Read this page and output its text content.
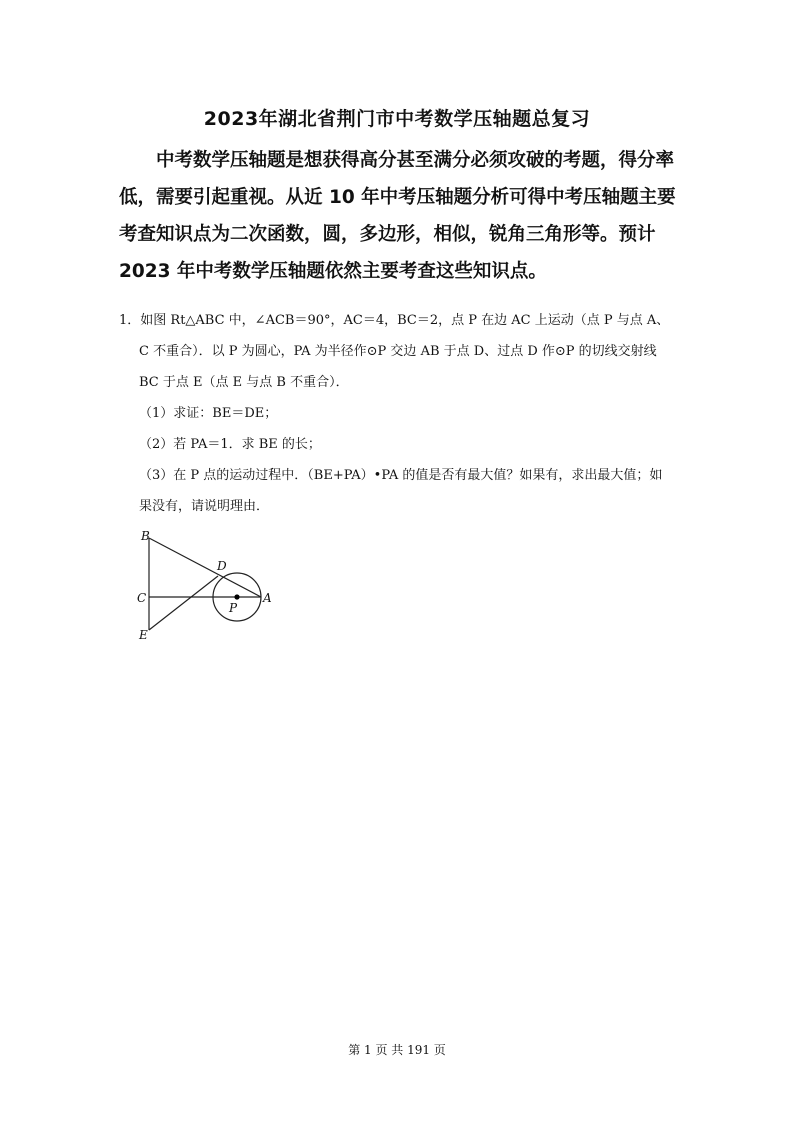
2023年湖北省荆门市中考数学压轴题总复习
中考数学压轴题是想获得高分甚至满分必须攻破的考题，得分率
低，需要引起重视。从近 10 年中考压轴题分析可得中考压轴题主要
考查知识点为二次函数，圆，多边形，相似，锐角三角形等。预计
2023 年中考数学压轴题依然主要考查这些知识点。
1．如图 Rt△ABC 中，∠ACB＝90°，AC＝4，BC＝2，点 P 在边 AC 上运动（点 P 与点 A、
C 不重合）．以 P 为圆心，PA 为半径作⊙P 交边 AB 于点 D、过点 D 作⊙P 的切线交射线
BC 于点 E（点 E 与点 B 不重合）．
（1）求证：BE＝DE；
（2）若 PA＝1．求 BE 的长；
（3）在 P 点的运动过程中．（BE+PA）•PA 的值是否有最大值？如果有，求出最大值；如
果没有，请说明理由．
B
C
E
D
P
A
第 1 页 共 191 页
